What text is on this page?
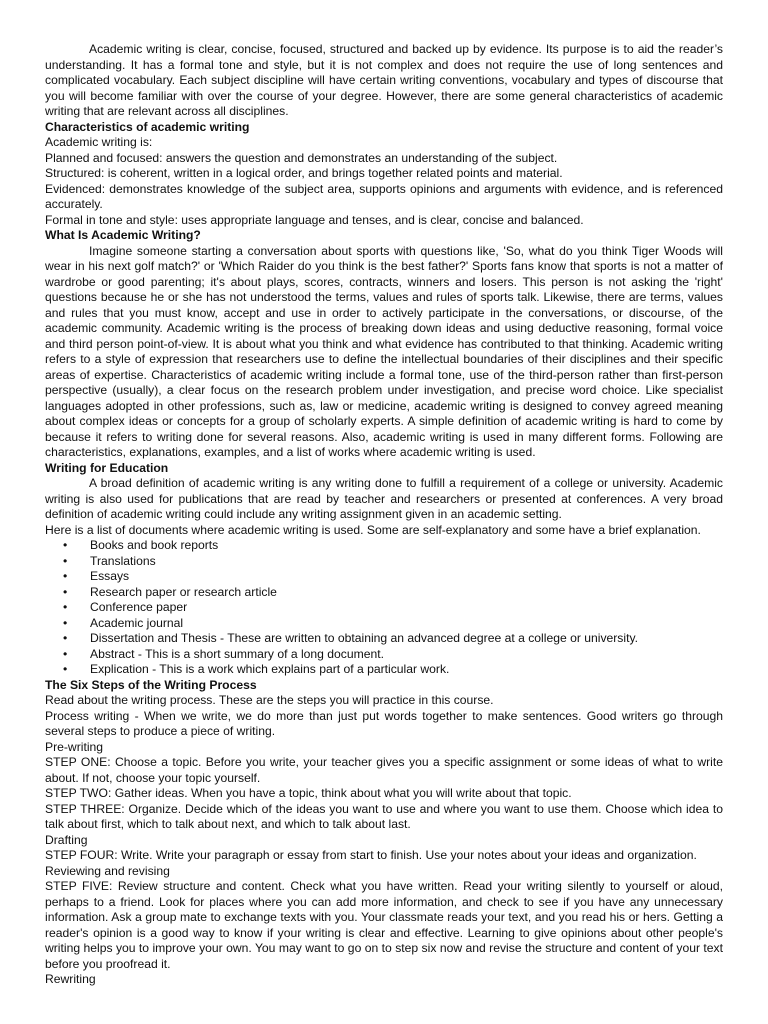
Academic writing is clear, concise, focused, structured and backed up by evidence. Its purpose is to aid the reader’s understanding. It has a formal tone and style, but it is not complex and does not require the use of long sentences and complicated vocabulary. Each subject discipline will have certain writing conventions, vocabulary and types of discourse that you will become familiar with over the course of your degree. However, there are some general characteristics of academic writing that are relevant across all disciplines.

Characteristics of academic writing

Academic writing is:

Planned and focused: answers the question and demonstrates an understanding of the subject.

Structured: is coherent, written in a logical order, and brings together related points and material.

Evidenced: demonstrates knowledge of the subject area, supports opinions and arguments with evidence, and is referenced accurately.

Formal in tone and style: uses appropriate language and tenses, and is clear, concise and balanced.

What Is Academic Writing?

Imagine someone starting a conversation about sports with questions like, 'So, what do you think Tiger Woods will wear in his next golf match?' or 'Which Raider do you think is the best father?' Sports fans know that sports is not a matter of wardrobe or good parenting; it's about plays, scores, contracts, winners and losers. This person is not asking the 'right' questions because he or she has not understood the terms, values and rules of sports talk. Likewise, there are terms, values and rules that you must know, accept and use in order to actively participate in the conversations, or discourse, of the academic community. Academic writing is the process of breaking down ideas and using deductive reasoning, formal voice and third person point-of-view. It is about what you think and what evidence has contributed to that thinking. Academic writing refers to a style of expression that researchers use to define the intellectual boundaries of their disciplines and their specific areas of expertise. Characteristics of academic writing include a formal tone, use of the third-person rather than first-person perspective (usually), a clear focus on the research problem under investigation, and precise word choice. Like specialist languages adopted in other professions, such as, law or medicine, academic writing is designed to convey agreed meaning about complex ideas or concepts for a group of scholarly experts. A simple definition of academic writing is hard to come by because it refers to writing done for several reasons. Also, academic writing is used in many different forms. Following are characteristics, explanations, examples, and a list of works where academic writing is used.

Writing for Education

A broad definition of academic writing is any writing done to fulfill a requirement of a college or university. Academic writing is also used for publications that are read by teacher and researchers or presented at conferences. A very broad definition of academic writing could include any writing assignment given in an academic setting.

Here is a list of documents where academic writing is used. Some are self-explanatory and some have a brief explanation.

• Books and book reports
• Translations
• Essays
• Research paper or research article
• Conference paper
• Academic journal
• Dissertation and Thesis - These are written to obtaining an advanced degree at a college or university.
• Abstract - This is a short summary of a long document.
• Explication - This is a work which explains part of a particular work.

The Six Steps of the Writing Process

Read about the writing process. These are the steps you will practice in this course.

Process writing - When we write, we do more than just put words together to make sentences. Good writers go through several steps to produce a piece of writing.

Pre-writing

STEP ONE: Choose a topic. Before you write, your teacher gives you a specific assignment or some ideas of what to write about. If not, choose your topic yourself.

STEP TWO: Gather ideas. When you have a topic, think about what you will write about that topic.

STEP THREE: Organize. Decide which of the ideas you want to use and where you want to use them. Choose which idea to talk about first, which to talk about next, and which to talk about last.

Drafting

STEP FOUR: Write. Write your paragraph or essay from start to finish. Use your notes about your ideas and organization.

Reviewing and revising

STEP FIVE: Review structure and content. Check what you have written. Read your writing silently to yourself or aloud, perhaps to a friend. Look for places where you can add more information, and check to see if you have any unnecessary information. Ask a group mate to exchange texts with you. Your classmate reads your text, and you read his or hers. Getting a reader's opinion is a good way to know if your writing is clear and effective. Learning to give opinions about other people's writing helps you to improve your own. You may want to go on to step six now and revise the structure and content of your text before you proofread it.

Rewriting
